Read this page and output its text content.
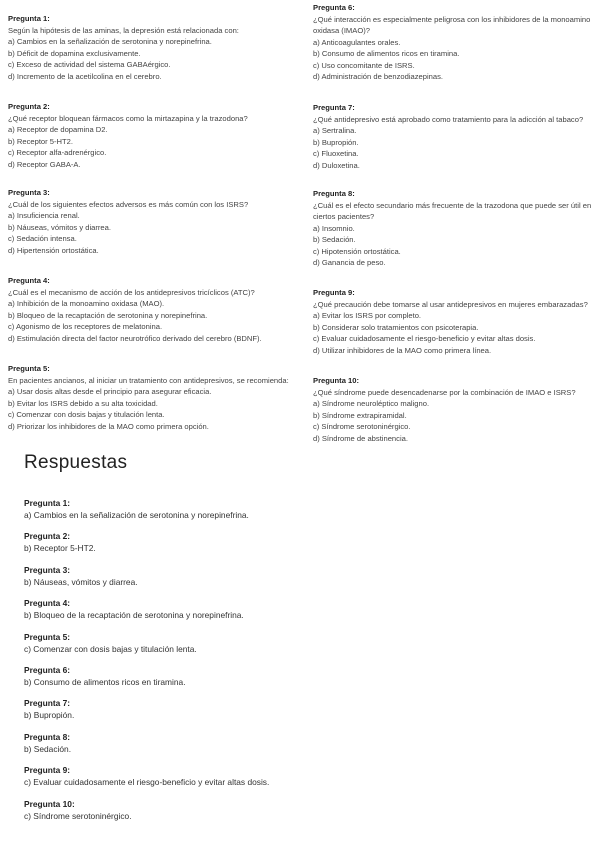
Pregunta 1:
Según la hipótesis de las aminas, la depresión está relacionada con:
a) Cambios en la señalización de serotonina y norepinefrina.
b) Déficit de dopamina exclusivamente.
c) Exceso de actividad del sistema GABAérgico.
d) Incremento de la acetilcolina en el cerebro.
Pregunta 2:
¿Qué receptor bloquean fármacos como la mirtazapina y la trazodona?
a) Receptor de dopamina D2.
b) Receptor 5-HT2.
c) Receptor alfa-adrenérgico.
d) Receptor GABA-A.
Pregunta 3:
¿Cuál de los siguientes efectos adversos es más común con los ISRS?
a) Insuficiencia renal.
b) Náuseas, vómitos y diarrea.
c) Sedación intensa.
d) Hipertensión ortostática.
Pregunta 4:
¿Cuál es el mecanismo de acción de los antidepresivos tricíclicos (ATC)?
a) Inhibición de la monoamino oxidasa (MAO).
b) Bloqueo de la recaptación de serotonina y norepinefrina.
c) Agonismo de los receptores de melatonina.
d) Estimulación directa del factor neurotrófico derivado del cerebro (BDNF).
Pregunta 5:
En pacientes ancianos, al iniciar un tratamiento con antidepresivos, se recomienda:
a) Usar dosis altas desde el principio para asegurar eficacia.
b) Evitar los ISRS debido a su alta toxicidad.
c) Comenzar con dosis bajas y titulación lenta.
d) Priorizar los inhibidores de la MAO como primera opción.
Pregunta 6:
¿Qué interacción es especialmente peligrosa con los inhibidores de la monoamino
oxidasa (IMAO)?
a) Anticoagulantes orales.
b) Consumo de alimentos ricos en tiramina.
c) Uso concomitante de ISRS.
d) Administración de benzodiazepinas.
Pregunta 7:
¿Qué antidepresivo está aprobado como tratamiento para la adicción al tabaco?
a) Sertralina.
b) Bupropión.
c) Fluoxetina.
d) Duloxetina.
Pregunta 8:
¿Cuál es el efecto secundario más frecuente de la trazodona que puede ser útil en
ciertos pacientes?
a) Insomnio.
b) Sedación.
c) Hipotensión ortostática.
d) Ganancia de peso.
Pregunta 9:
¿Qué precaución debe tomarse al usar antidepresivos en mujeres embarazadas?
a) Evitar los ISRS por completo.
b) Considerar solo tratamientos con psicoterapia.
c) Evaluar cuidadosamente el riesgo-beneficio y evitar altas dosis.
d) Utilizar inhibidores de la MAO como primera línea.
Pregunta 10:
¿Qué síndrome puede desencadenarse por la combinación de IMAO e ISRS?
a) Síndrome neuroléptico maligno.
b) Síndrome extrapiramidal.
c) Síndrome serotoninérgico.
d) Síndrome de abstinencia.
Respuestas
Pregunta 1:
a) Cambios en la señalización de serotonina y norepinefrina.
Pregunta 2:
b) Receptor 5-HT2.
Pregunta 3:
b) Náuseas, vómitos y diarrea.
Pregunta 4:
b) Bloqueo de la recaptación de serotonina y norepinefrina.
Pregunta 5:
c) Comenzar con dosis bajas y titulación lenta.
Pregunta 6:
b) Consumo de alimentos ricos en tiramina.
Pregunta 7:
b) Bupropión.
Pregunta 8:
b) Sedación.
Pregunta 9:
c) Evaluar cuidadosamente el riesgo-beneficio y evitar altas dosis.
Pregunta 10:
c) Síndrome serotoninérgico.
